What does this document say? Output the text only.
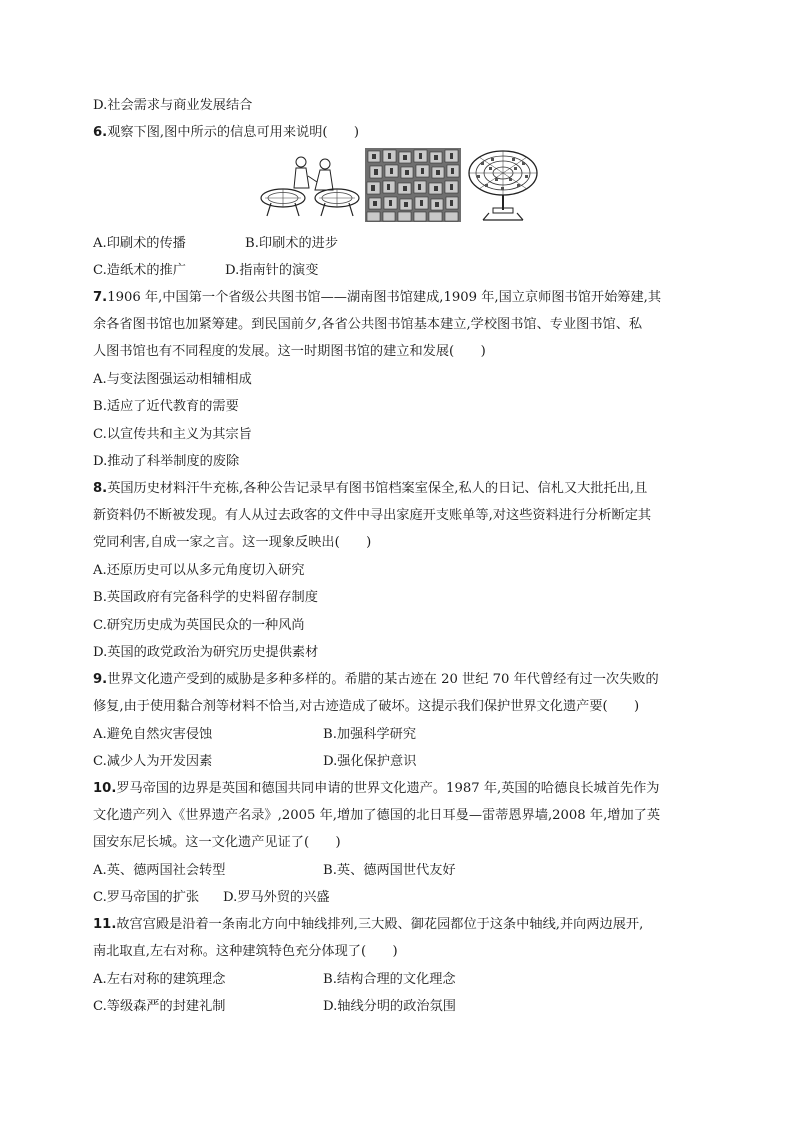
D.社会需求与商业发展结合
6.观察下图,图中所示的信息可用来说明(　　)
A.印刷术的传播	B.印刷术的进步
C.造纸术的推广	D.指南针的演变
7.1906 年,中国第一个省级公共图书馆——湖南图书馆建成,1909 年,国立京师图书馆开始筹建,其
余各省图书馆也加紧筹建。到民国前夕,各省公共图书馆基本建立,学校图书馆、专业图书馆、私
人图书馆也有不同程度的发展。这一时期图书馆的建立和发展(　　)
A.与变法图强运动相辅相成
B.适应了近代教育的需要
C.以宣传共和主义为其宗旨
D.推动了科举制度的废除
8.英国历史材料汗牛充栋,各种公告记录早有图书馆档案室保全,私人的日记、信札又大批托出,且
新资料仍不断被发现。有人从过去政客的文件中寻出家庭开支账单等,对这些资料进行分析断定其
党同利害,自成一家之言。这一现象反映出(　　)
A.还原历史可以从多元角度切入研究
B.英国政府有完备科学的史料留存制度
C.研究历史成为英国民众的一种风尚
D.英国的政党政治为研究历史提供素材
9.世界文化遗产受到的威胁是多种多样的。希腊的某古迹在 20 世纪 70 年代曾经有过一次失败的
修复,由于使用黏合剂等材料不恰当,对古迹造成了破坏。这提示我们保护世界文化遗产要(　　)
A.避免自然灾害侵蚀	B.加强科学研究
C.减少人为开发因素	D.强化保护意识
10.罗马帝国的边界是英国和德国共同申请的世界文化遗产。1987 年,英国的哈德良长城首先作为
文化遗产列入《世界遗产名录》,2005 年,增加了德国的北日耳曼—雷蒂恩界墙,2008 年,增加了英
国安东尼长城。这一文化遗产见证了(　　)
A.英、德两国社会转型	B.英、德两国世代友好
C.罗马帝国的扩张 D.罗马外贸的兴盛
11.故宫宫殿是沿着一条南北方向中轴线排列,三大殿、御花园都位于这条中轴线,并向两边展开,
南北取直,左右对称。这种建筑特色充分体现了(　　)
A.左右对称的建筑理念	B.结构合理的文化理念
C.等级森严的封建礼制	D.轴线分明的政治氛围
